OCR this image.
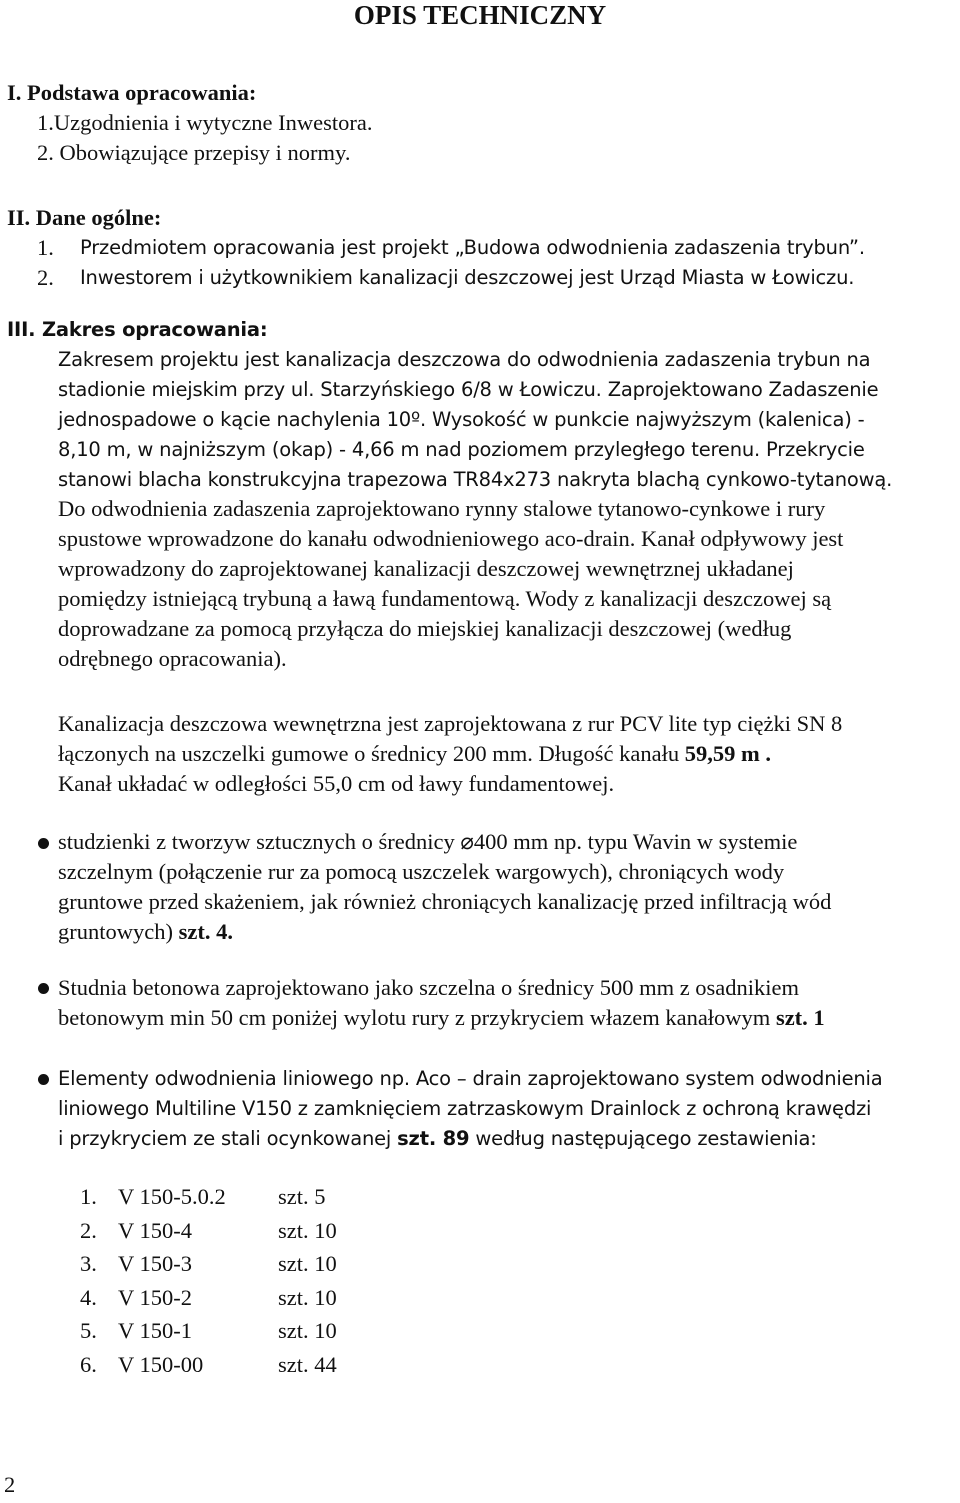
OPIS TECHNICZNY
I. Podstawa opracowania:
1.Uzgodnienia i wytyczne Inwestora.
2. Obowiązujące przepisy i normy.
II. Dane ogólne:
1. Przedmiotem opracowania jest projekt „Budowa odwodnienia zadaszenia trybun”.
2. Inwestorem i użytkownikiem kanalizacji deszczowej jest Urząd Miasta w Łowiczu.
III. Zakres opracowania:
Zakresem projektu jest kanalizacja deszczowa do odwodnienia zadaszenia trybun na
stadionie miejskim przy ul. Starzyńskiego 6/8 w Łowiczu. Zaprojektowano Zadaszenie
jednospadowe o kącie nachylenia 10º. Wysokość w punkcie najwyższym (kalenica) -
8,10 m, w najniższym (okap) - 4,66 m nad poziomem przyległego terenu. Przekrycie
stanowi blacha konstrukcyjna trapezowa TR84x273 nakryta blachą cynkowo-tytanową.
Do odwodnienia zadaszenia zaprojektowano rynny stalowe tytanowo-cynkowe i rury
spustowe wprowadzone do kanału odwodnieniowego aco-drain. Kanał odpływowy jest
wprowadzony do zaprojektowanej kanalizacji deszczowej wewnętrznej układanej
pomiędzy istniejącą trybuną a ławą fundamentową. Wody z kanalizacji deszczowej są
doprowadzane za pomocą przyłącza do miejskiej kanalizacji deszczowej (według
odrębnego opracowania).
Kanalizacja deszczowa wewnętrzna jest zaprojektowana z rur PCV lite typ ciężki SN 8
łączonych na uszczelki gumowe o średnicy 200 mm. Długość kanału 59,59 m .
Kanał układać w odległości 55,0 cm od ławy fundamentowej.
studzienki z tworzyw sztucznych o średnicy ⌀400 mm np. typu Wavin w systemie
szczelnym (połączenie rur za pomocą uszczelek wargowych), chroniących wody
gruntowe przed skażeniem, jak również chroniących kanalizację przed infiltracją wód
gruntowych) szt. 4.
Studnia betonowa zaprojektowano jako szczelna o średnicy 500 mm z osadnikiem
betonowym min 50 cm poniżej wylotu rury z przykryciem włazem kanałowym szt. 1
Elementy odwodnienia liniowego np. Aco – drain zaprojektowano system odwodnienia
liniowego Multiline V150 z zamknięciem zatrzaskowym Drainlock z ochroną krawędzi
i przykryciem ze stali ocynkowanej szt. 89 według następującego zestawienia:
1. V 150-5.0.2 szt. 5
2. V 150-4	szt. 10
3. V 150-3	szt. 10
4. V 150-2	szt. 10
5. V 150-1	szt. 10
6. V 150-00	szt. 44
2
